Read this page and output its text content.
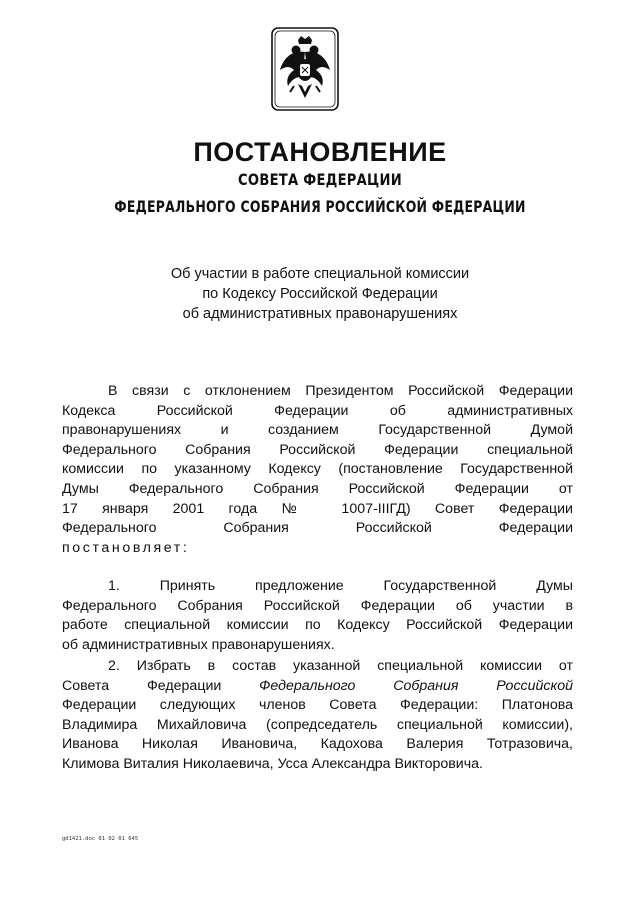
ПОСТАНОВЛЕНИЕ
СОВЕТА ФЕДЕРАЦИИ
ФЕДЕРАЛЬНОГО СОБРАНИЯ РОССИЙСКОЙ ФЕДЕРАЦИИ
Об участии в работе специальной комиссии
по Кодексу Российской Федерации
об административных правонарушениях
В связи с отклонением Президентом Российской Федерации
Кодекса Российской Федерации об административных
правонарушениях и созданием Государственной Думой
Федерального Собрания Российской Федерации специальной
комиссии по указанному Кодексу (постановление Государственной
Думы Федерального Собрания Российской Федерации от
17 января 2001 года № 1007-IIIГД) Совет Федерации
Федерального Собрания Российской Федерации
постановляет:
1. Принять предложение Государственной Думы
Федерального Собрания Российской Федерации об участии в
работе специальной комиссии по Кодексу Российской Федерации
об административных правонарушениях.
2. Избрать в состав указанной специальной комиссии от
Совета Федерации Федерального Собрания Российской
Федерации следующих членов Совета Федерации: Платонова
Владимира Михайловича (сопредседатель специальной комиссии),
Иванова Николая Ивановича, Кадохова Валерия Тотразовича,
Климова Виталия Николаевича, Усса Александра Викторовича.
gd1421.doc 01 02 01 645
